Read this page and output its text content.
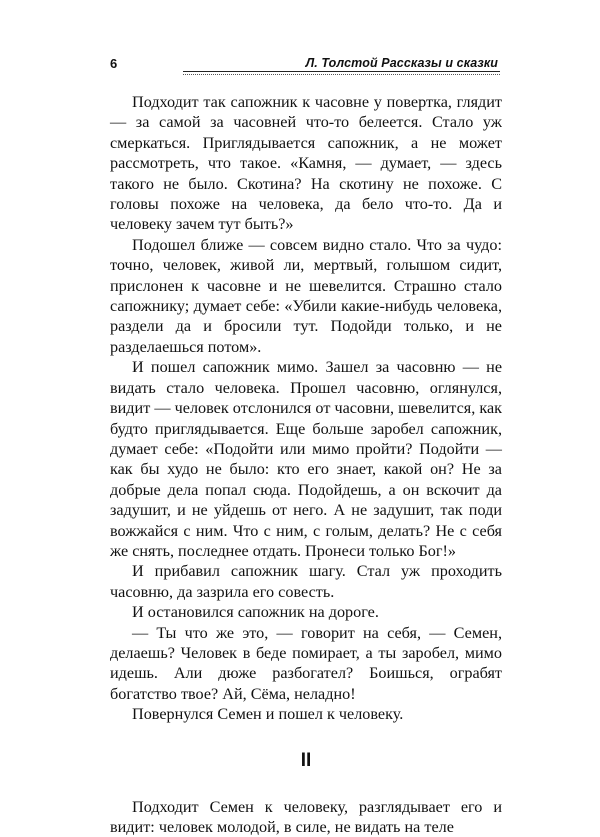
6	Л. Толстой Рассказы и сказки

Подходит так сапожник к часовне у повертка, глядит — за самой за часовней что-то белеется. Стало уж смеркаться. Приглядывается сапожник, а не может рассмотреть, что такое. «Камня, — думает, — здесь такого не было. Скотина? На скотину не похоже. С головы похоже на человека, да бело что-то. Да и человеку зачем тут быть?»

Подошел ближе — совсем видно стало. Что за чудо: точно, человек, живой ли, мертвый, голышом сидит, прислонен к часовне и не шевелится. Страшно стало сапожнику; думает себе: «Убили какие-нибудь человека, раздели да и бросили тут. Подойди только, и не разделаешься потом».

И пошел сапожник мимо. Зашел за часовню — не видать стало человека. Прошел часовню, оглянулся, видит — человек отслонился от часовни, шевелится, как будто приглядывается. Еще больше заробел сапожник, думает себе: «Подойти или мимо пройти? Подойти — как бы худо не было: кто его знает, какой он? Не за добрые дела попал сюда. Подойдешь, а он вскочит да задушит, и не уйдешь от него. А не задушит, так поди вожжайся с ним. Что с ним, с голым, делать? Не с себя же снять, последнее отдать. Пронеси только Бог!»

И прибавил сапожник шагу. Стал уж проходить часовню, да зазрила его совесть.

И остановился сапожник на дороге.

— Ты что же это, — говорит на себя, — Семен, делаешь? Человек в беде помирает, а ты заробел, мимо идешь. Али дюже разбогател? Боишься, ограбят богатство твое? Ай, Сёма, неладно!

Повернулся Семен и пошел к человеку.

II

Подходит Семен к человеку, разглядывает его и видит: человек молодой, в силе, не видать на теле
